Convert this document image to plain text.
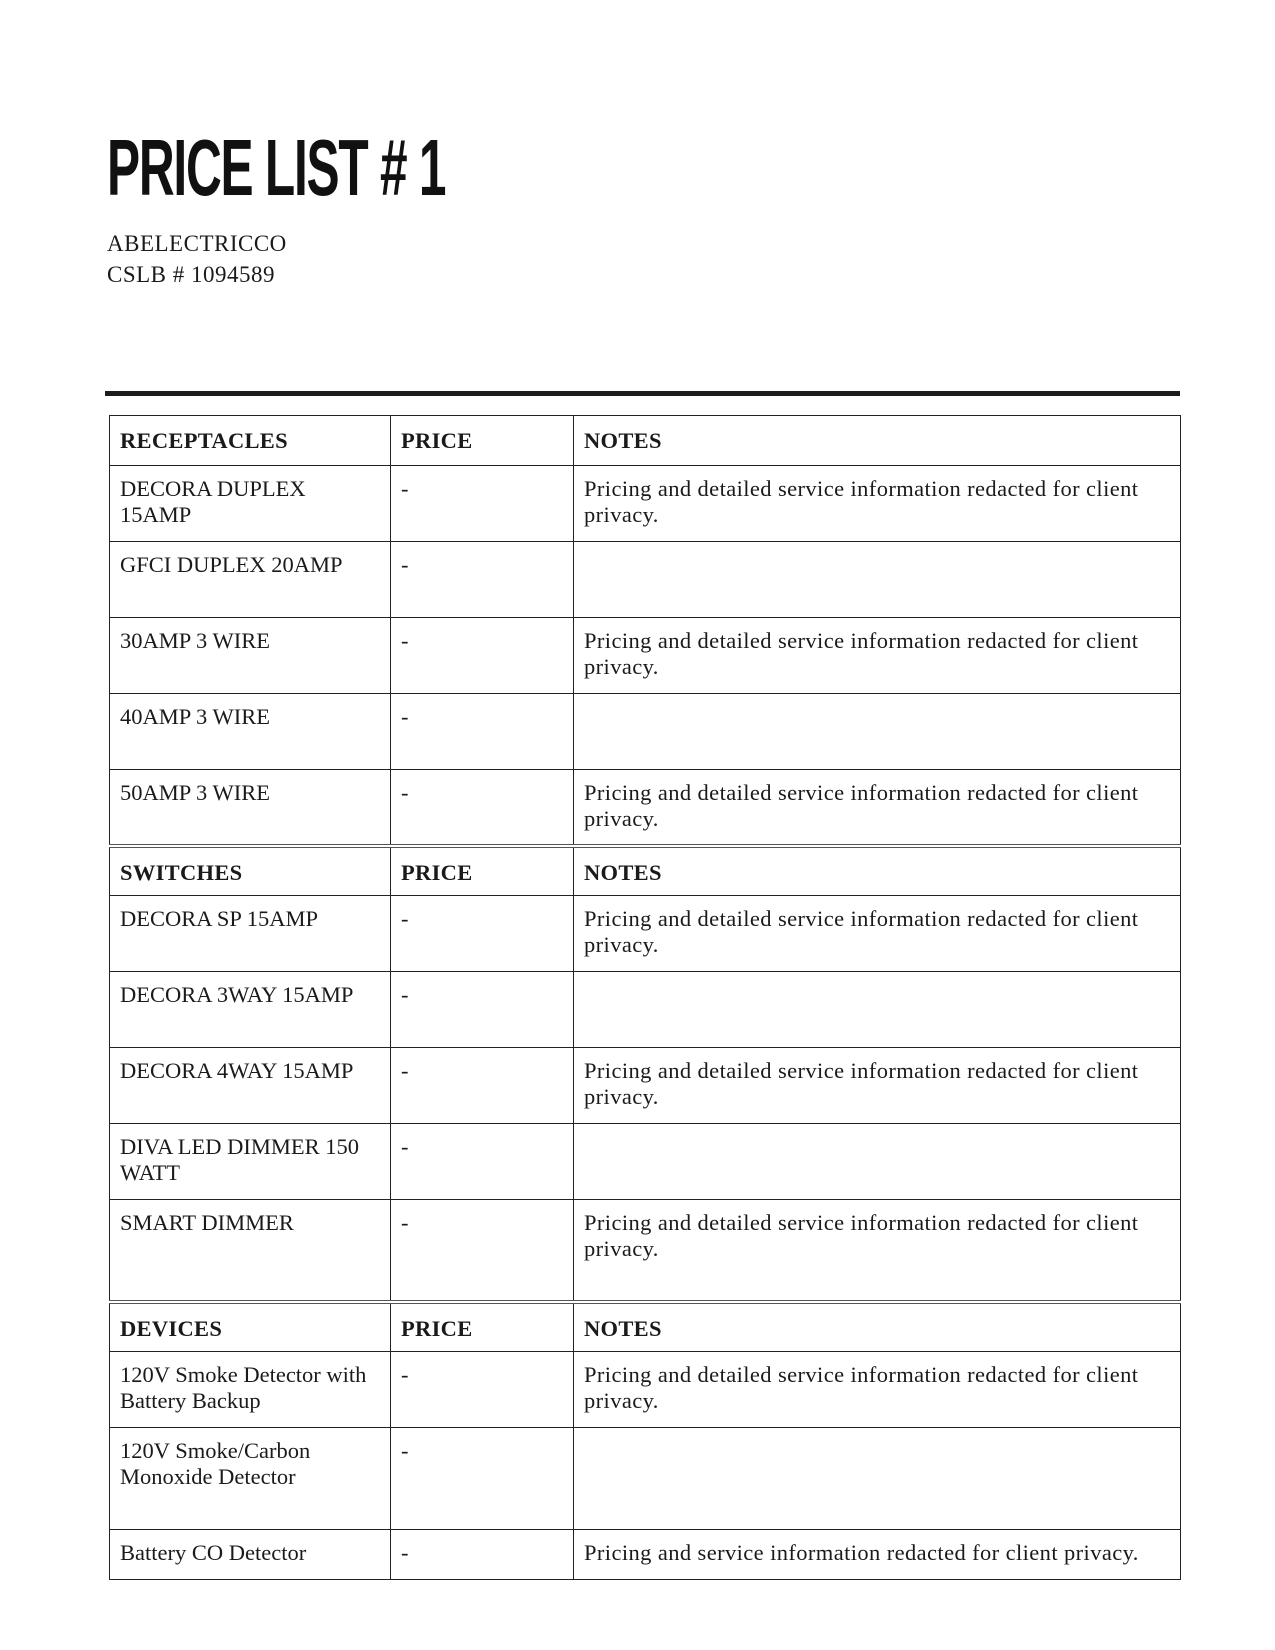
PRICE LIST # 1
ABELECTRICCO
CSLB # 1094589
RECEPTACLES	PRICE	NOTES
DECORA DUPLEX 15AMP	-	Pricing and detailed service information redacted for client privacy.
GFCI DUPLEX 20AMP	-	
30AMP 3 WIRE	-	Pricing and detailed service information redacted for client privacy.
40AMP 3 WIRE	-	
50AMP 3 WIRE	-	Pricing and detailed service information redacted for client privacy.
SWITCHES	PRICE	NOTES
DECORA SP 15AMP	-	Pricing and detailed service information redacted for client privacy.
DECORA 3WAY 15AMP	-	
DECORA 4WAY 15AMP	-	Pricing and detailed service information redacted for client privacy.
DIVA LED DIMMER 150 WATT	-	
SMART DIMMER	-	Pricing and detailed service information redacted for client privacy.
DEVICES	PRICE	NOTES
120V Smoke Detector with Battery Backup	-	Pricing and detailed service information redacted for client privacy.
120V Smoke/Carbon Monoxide Detector	-	
Battery CO Detector	-	Pricing and service information redacted for client privacy.
